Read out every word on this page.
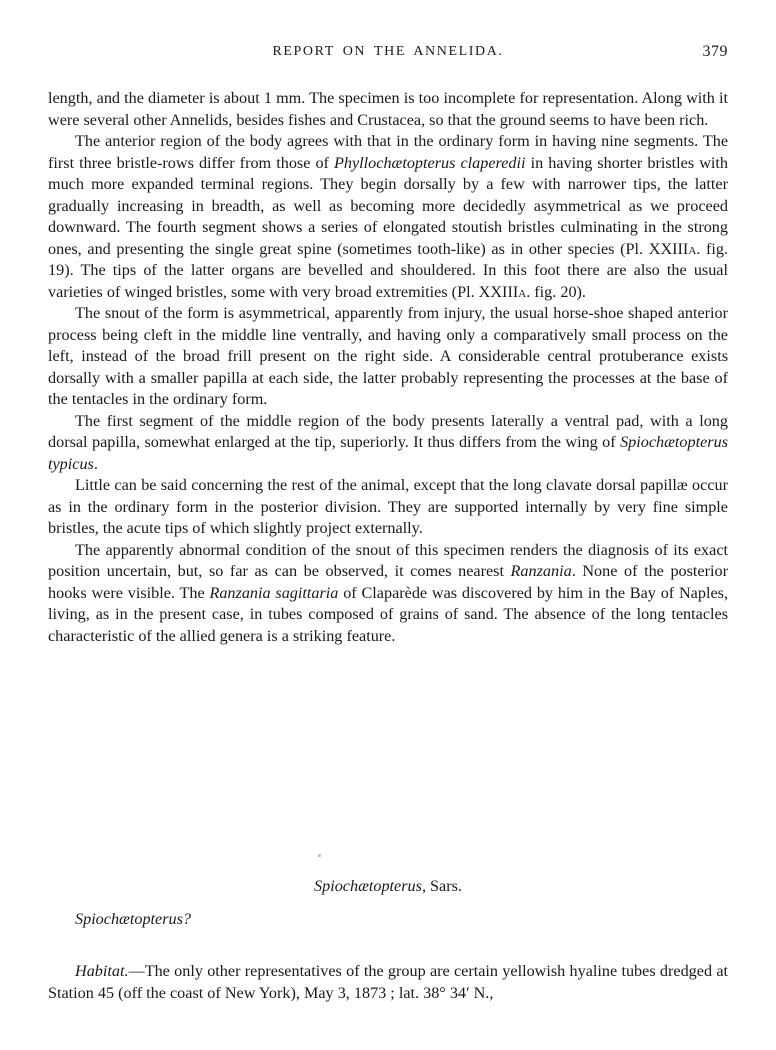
REPORT ON THE ANNELIDA.	379

length, and the diameter is about 1 mm. The specimen is too incomplete for representation. Along with it were several other Annelids, besides fishes and Crustacea, so that the ground seems to have been rich.

The anterior region of the body agrees with that in the ordinary form in having nine segments. The first three bristle-rows differ from those of Phyllochætopterus claperedii in having shorter bristles with much more expanded terminal regions. They begin dorsally by a few with narrower tips, the latter gradually increasing in breadth, as well as becoming more decidedly asymmetrical as we proceed downward. The fourth segment shows a series of elongated stoutish bristles culminating in the strong ones, and presenting the single great spine (sometimes tooth-like) as in other species (Pl. XXIIIa. fig. 19). The tips of the latter organs are bevelled and shouldered. In this foot there are also the usual varieties of winged bristles, some with very broad extremities (Pl. XXIIIa. fig. 20).

The snout of the form is asymmetrical, apparently from injury, the usual horse-shoe shaped anterior process being cleft in the middle line ventrally, and having only a comparatively small process on the left, instead of the broad frill present on the right side. A considerable central protuberance exists dorsally with a smaller papilla at each side, the latter probably representing the processes at the base of the tentacles in the ordinary form.

The first segment of the middle region of the body presents laterally a ventral pad, with a long dorsal papilla, somewhat enlarged at the tip, superiorly. It thus differs from the wing of Spiochætopterus typicus.

Little can be said concerning the rest of the animal, except that the long clavate dorsal papillæ occur as in the ordinary form in the posterior division. They are supported internally by very fine simple bristles, the acute tips of which slightly project externally.

The apparently abnormal condition of the snout of this specimen renders the diagnosis of its exact position uncertain, but, so far as can be observed, it comes nearest Ranzania. None of the posterior hooks were visible. The Ranzania sagittaria of Claparède was discovered by him in the Bay of Naples, living, as in the present case, in tubes composed of grains of sand. The absence of the long tentacles characteristic of the allied genera is a striking feature.

Spiochætopterus, Sars.
Spiochætopterus?

Habitat.—The only other representatives of the group are certain yellowish hyaline tubes dredged at Station 45 (off the coast of New York), May 3, 1873 ; lat. 38° 34′ N.,
